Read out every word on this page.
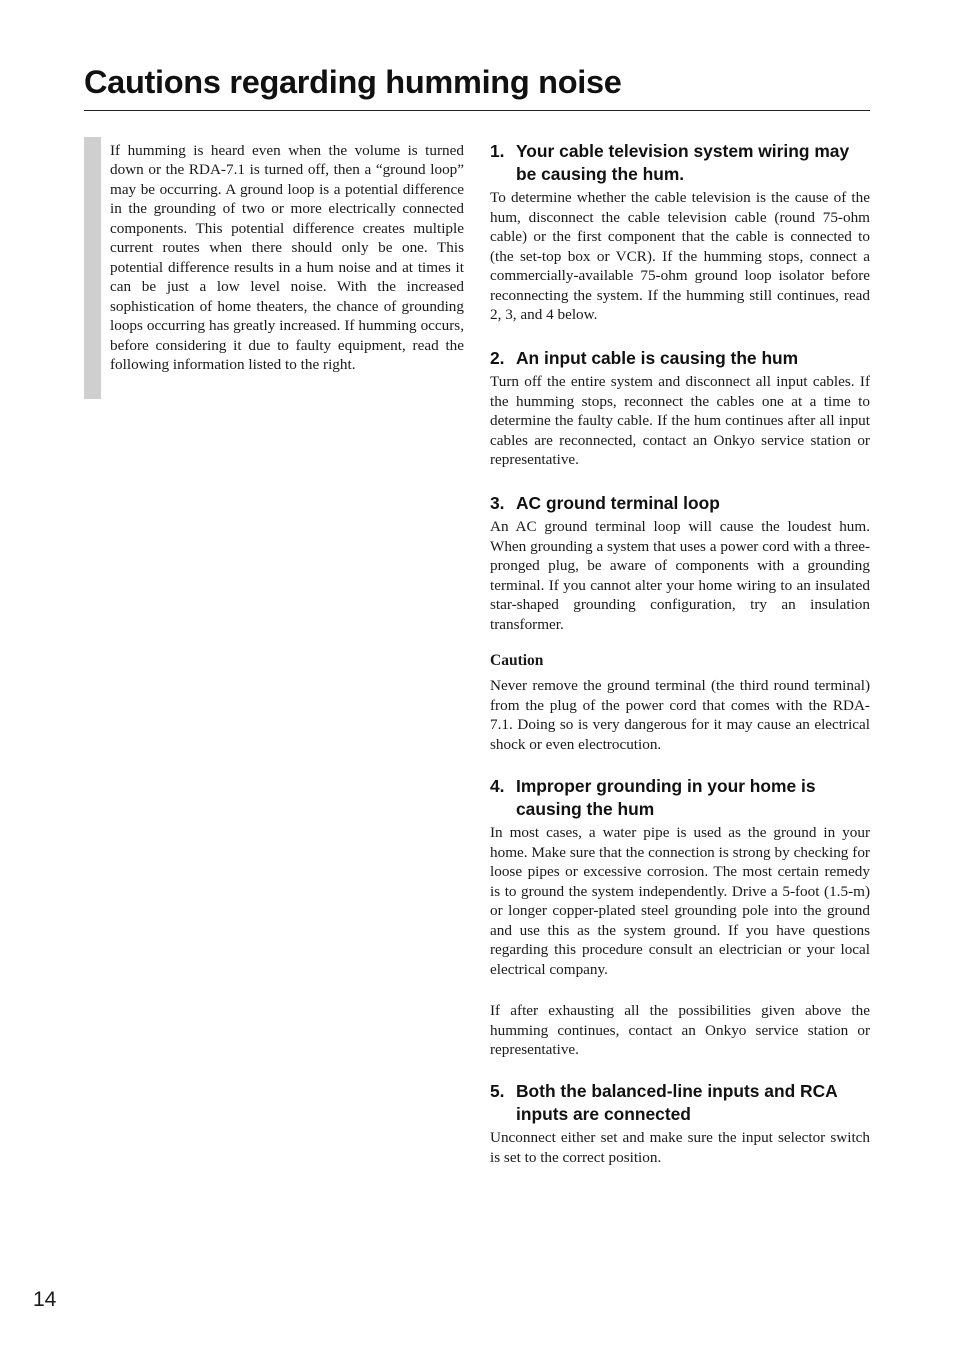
Cautions regarding humming noise

If humming is heard even when the volume is turned down or the RDA-7.1 is turned off, then a “ground loop” may be occurring. A ground loop is a potential difference in the grounding of two or more electrically connected components. This potential difference creates multiple current routes when there should only be one. This potential difference results in a hum noise and at times it can be just a low level noise. With the increased sophistication of home theaters, the chance of grounding loops occurring has greatly increased. If humming occurs, before considering it due to faulty equipment, read the following information listed to the right.

1. Your cable television system wiring may be causing the hum.

To determine whether the cable television is the cause of the hum, disconnect the cable television cable (round 75-ohm cable) or the first component that the cable is connected to (the set-top box or VCR). If the humming stops, connect a commercially-available 75-ohm ground loop isolator before reconnecting the system. If the humming still continues, read 2, 3, and 4 below.

2. An input cable is causing the hum

Turn off the entire system and disconnect all input cables. If the humming stops, reconnect the cables one at a time to determine the faulty cable. If the hum continues after all input cables are reconnected, contact an Onkyo service station or representative.

3. AC ground terminal loop

An AC ground terminal loop will cause the loudest hum. When grounding a system that uses a power cord with a three-pronged plug, be aware of components with a grounding terminal. If you cannot alter your home wiring to an insulated star-shaped grounding configuration, try an insulation transformer.

Caution

Never remove the ground terminal (the third round terminal) from the plug of the power cord that comes with the RDA-7.1. Doing so is very dangerous for it may cause an electrical shock or even electrocution.

4. Improper grounding in your home is causing the hum

In most cases, a water pipe is used as the ground in your home. Make sure that the connection is strong by checking for loose pipes or excessive corrosion. The most certain remedy is to ground the system independently. Drive a 5-foot (1.5-m) or longer copper-plated steel grounding pole into the ground and use this as the system ground. If you have questions regarding this procedure consult an electrician or your local electrical company.

If after exhausting all the possibilities given above the humming continues, contact an Onkyo service station or representative.

5. Both the balanced-line inputs and RCA inputs are connected

Unconnect either set and make sure the input selector switch is set to the correct position.

14
